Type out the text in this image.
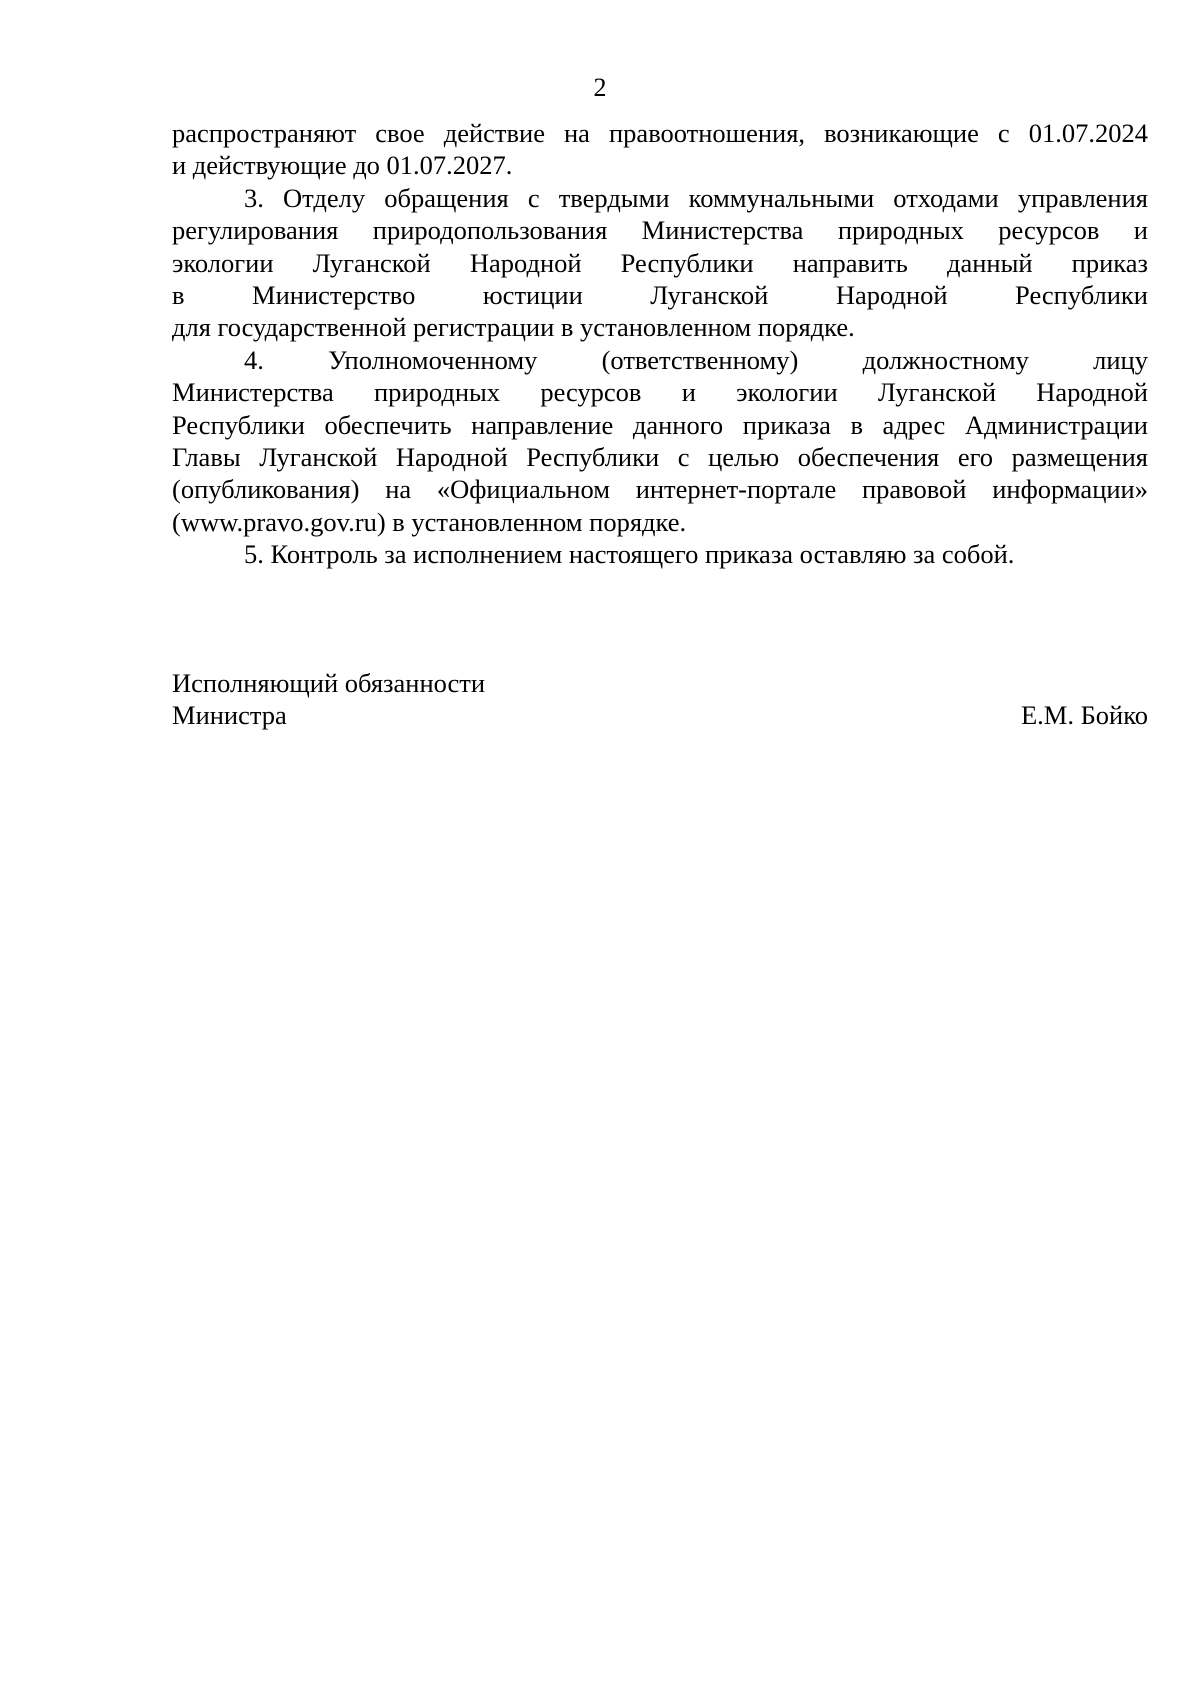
2

распространяют свое действие на правоотношения, возникающие с 01.07.2024
и действующие до 01.07.2027.

3. Отделу обращения с твердыми коммунальными отходами управления
регулирования природопользования Министерства природных ресурсов и
экологии Луганской Народной Республики направить данный приказ
в Министерство юстиции Луганской Народной Республики
для государственной регистрации в установленном порядке.

4. Уполномоченному (ответственному) должностному лицу
Министерства природных ресурсов и экологии Луганской Народной
Республики обеспечить направление данного приказа в адрес Администрации
Главы Луганской Народной Республики с целью обеспечения его размещения
(опубликования) на «Официальном интернет-портале правовой информации»
(www.pravo.gov.ru) в установленном порядке.

5. Контроль за исполнением настоящего приказа оставляю за собой.

Исполняющий обязанности
Министра	Е.М. Бойко
